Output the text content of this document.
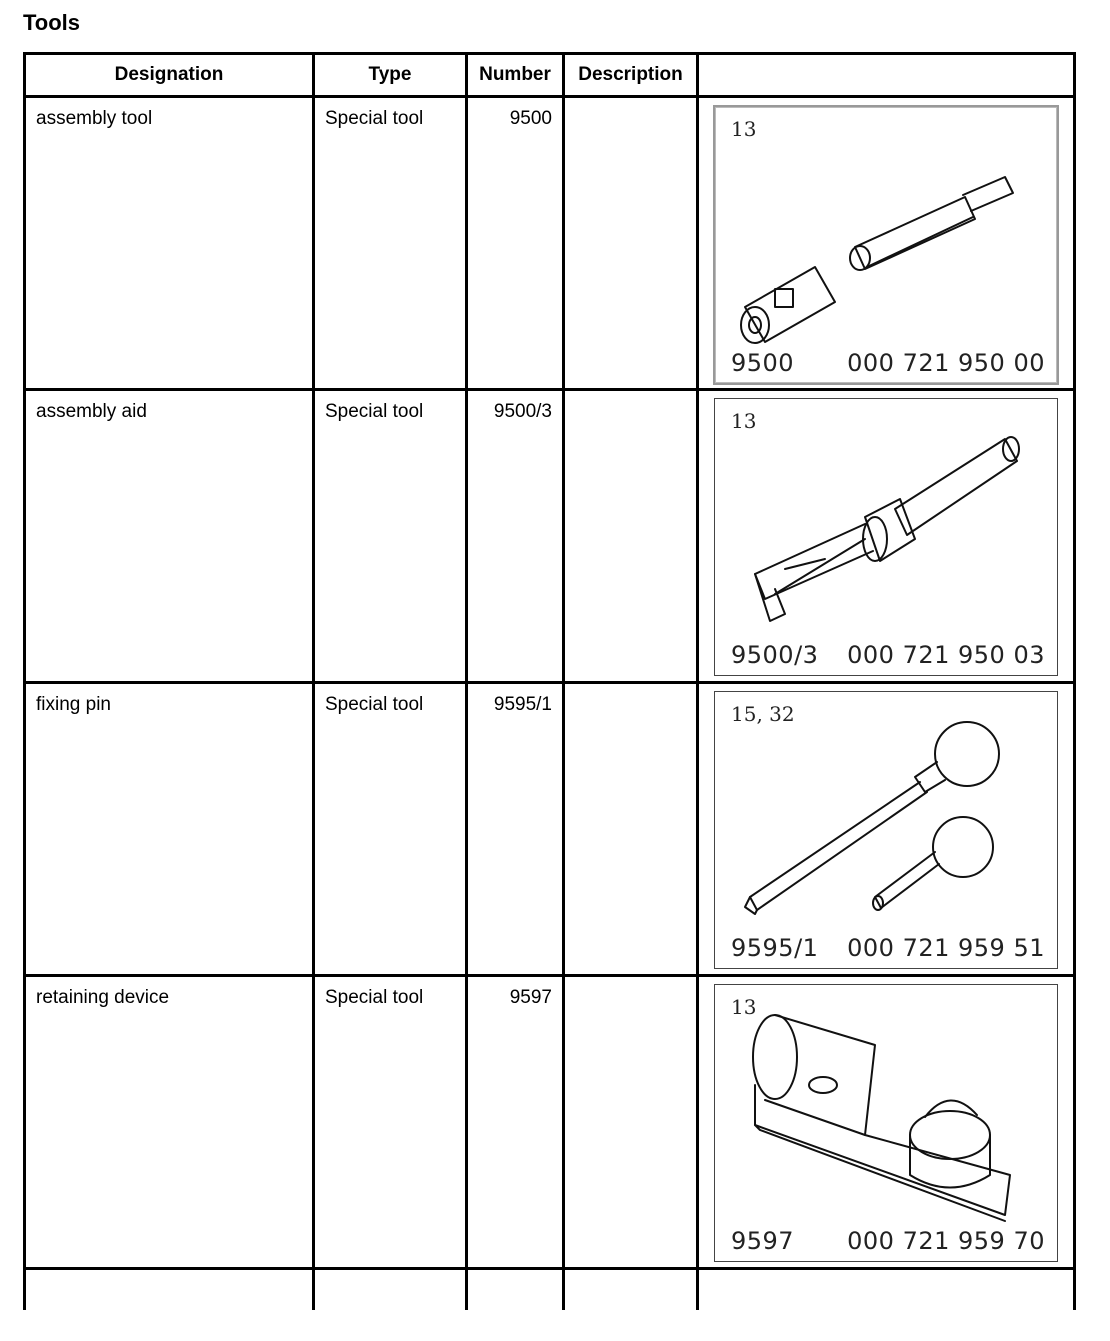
Tools
Designation	Type	Number	Description	

assembly tool	Special tool	9500		13
9500 000 721 950 00

assembly aid	Special tool	9500/3		13
9500/3 000 721 950 03

fixing pin	Special tool	9595/1		15, 32
9595/1 000 721 959 51

retaining device	Special tool	9597		13
9597 000 721 959 70
